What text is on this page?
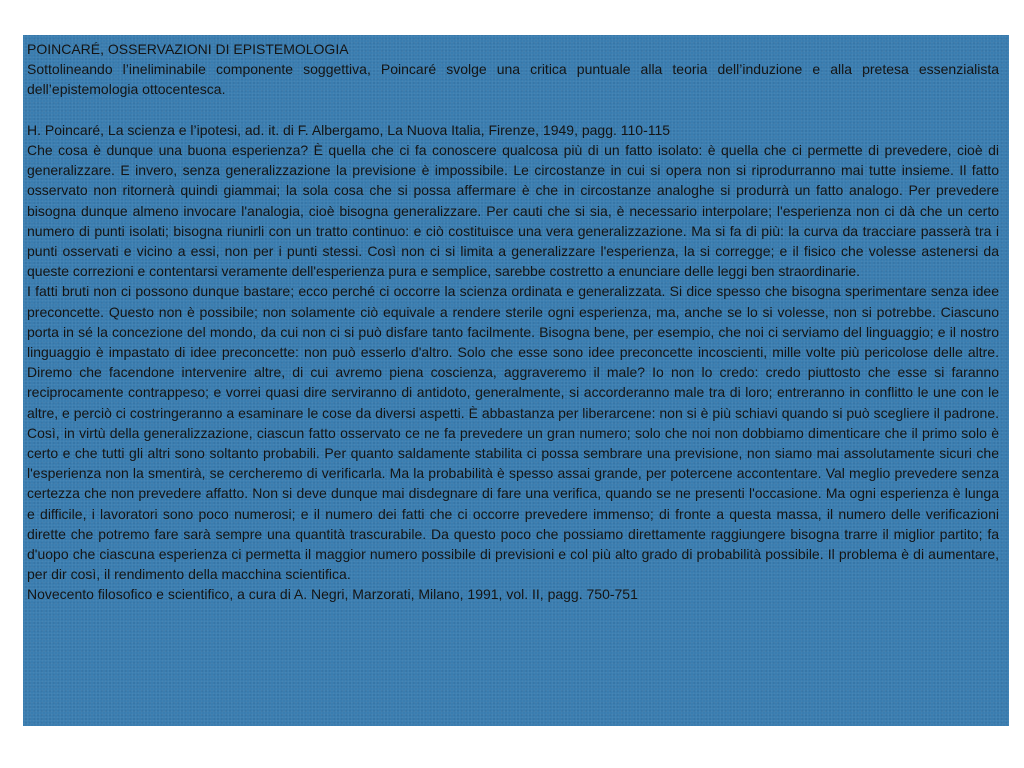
POINCARÉ, OSSERVAZIONI DI EPISTEMOLOGIA

Sottolineando l’ineliminabile componente soggettiva, Poincaré svolge una critica puntuale alla teoria dell’induzione e alla pretesa essenzialista dell’epistemologia ottocentesca.

H. Poincaré, La scienza e l’ipotesi, ad. it. di F. Albergamo, La Nuova Italia, Firenze, 1949, pagg. 110-115

Che cosa è dunque una buona esperienza? È quella che ci fa conoscere qualcosa più di un fatto isolato: è quella che ci permette di prevedere, cioè di generalizzare. E invero, senza generalizzazione la previsione è impossibile. Le circostanze in cui si opera non si riprodurranno mai tutte insieme. Il fatto osservato non ritornerà quindi giammai; la sola cosa che si possa affermare è che in circostanze analoghe si produrrà un fatto analogo. Per prevedere bisogna dunque almeno invocare l'analogia, cioè bisogna generalizzare. Per cauti che si sia, è necessario interpolare; l'esperienza non ci dà che un certo numero di punti isolati; bisogna riunirli con un tratto continuo: e ciò costituisce una vera generalizzazione. Ma si fa di più: la curva da tracciare passerà tra i punti osservati e vicino a essi, non per i punti stessi. Così non ci si limita a generalizzare l'esperienza, la si corregge; e il fisico che volesse astenersi da queste correzioni e contentarsi veramente dell'esperienza pura e semplice, sarebbe costretto a enunciare delle leggi ben straordinarie.

I fatti bruti non ci possono dunque bastare; ecco perché ci occorre la scienza ordinata e generalizzata. Si dice spesso che bisogna sperimentare senza idee preconcette. Questo non è possibile; non solamente ciò equivale a rendere sterile ogni esperienza, ma, anche se lo si volesse, non si potrebbe. Ciascuno porta in sé la concezione del mondo, da cui non ci si può disfare tanto facilmente. Bisogna bene, per esempio, che noi ci serviamo del linguaggio; e il nostro linguaggio è impastato di idee preconcette: non può esserlo d'altro. Solo che esse sono idee preconcette incoscienti, mille volte più pericolose delle altre. Diremo che facendone intervenire altre, di cui avremo piena coscienza, aggraveremo il male? Io non lo credo: credo piuttosto che esse si faranno reciprocamente contrappeso; e vorrei quasi dire serviranno di antidoto, generalmente, si accorderanno male tra di loro; entreranno in conflitto le une con le altre, e perciò ci costringeranno a esaminare le cose da diversi aspetti. È abbastanza per liberarcene: non si è più schiavi quando si può scegliere il padrone. Così, in virtù della generalizzazione, ciascun fatto osservato ce ne fa prevedere un gran numero; solo che noi non dobbiamo dimenticare che il primo solo è certo e che tutti gli altri sono soltanto probabili. Per quanto saldamente stabilita ci possa sembrare una previsione, non siamo mai assolutamente sicuri che l'esperienza non la smentirà, se cercheremo di verificarla. Ma la probabilità è spesso assai grande, per potercene accontentare. Val meglio prevedere senza certezza che non prevedere affatto. Non si deve dunque mai disdegnare di fare una verifica, quando se ne presenti l'occasione. Ma ogni esperienza è lunga e difficile, i lavoratori sono poco numerosi; e il numero dei fatti che ci occorre prevedere immenso; di fronte a questa massa, il numero delle verificazioni dirette che potremo fare sarà sempre una quantità trascurabile. Da questo poco che possiamo direttamente raggiungere bisogna trarre il miglior partito; fa d'uopo che ciascuna esperienza ci permetta il maggior numero possibile di previsioni e col più alto grado di probabilità possibile. Il problema è di aumentare, per dir così, il rendimento della macchina scientifica.

Novecento filosofico e scientifico, a cura di A. Negri, Marzorati, Milano, 1991, vol. II, pagg. 750-751
